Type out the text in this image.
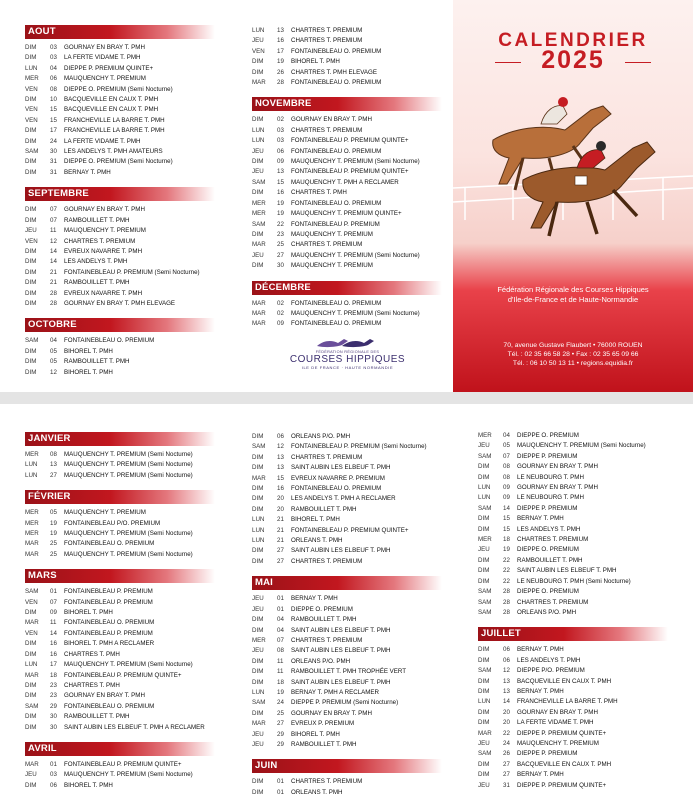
AOUT
DIM	03	GOURNAY EN BRAY T. PMH
DIM	03	LA FERTE VIDAME T. PMH
LUN	04	DIEPPE P. PREMIUM QUINTE+
MER	06	MAUQUENCHY T. PREMIUM
VEN	08	DIEPPE O. PREMIUM (Semi Nocturne)
DIM	10	BACQUEVILLE EN CAUX T. PMH
VEN	15	BACQUEVILLE EN CAUX T. PMH
VEN	15	FRANCHEVILLE LA BARRE T. PMH
DIM	17	FRANCHEVILLE LA BARRE T. PMH
DIM	24	LA FERTE VIDAME T. PMH
SAM	30	LES ANDELYS T. PMH AMATEURS
DIM	31	DIEPPE O. PREMIUM (Semi Nocturne)
DIM	31	BERNAY T. PMH
SEPTEMBRE
DIM	07	GOURNAY EN BRAY T. PMH
DIM	07	RAMBOUILLET T. PMH
JEU	11	MAUQUENCHY T. PREMIUM
VEN	12	CHARTRES T. PREMIUM
DIM	14	EVREUX NAVARRE T. PMH
DIM	14	LES ANDELYS T. PMH
DIM	21	FONTAINEBLEAU P. PREMIUM (Semi Nocturne)
DIM	21	RAMBOUILLET T. PMH
DIM	28	EVREUX NAVARRE T. PMH
DIM	28	GOURNAY EN BRAY T. PMH ELEVAGE
OCTOBRE
SAM	04	FONTAINEBLEAU O. PREMIUM
DIM	05	BIHOREL T. PMH
DIM	05	RAMBOUILLET T. PMH
DIM	12	BIHOREL T. PMH
LUN	13	CHARTRES T. PREMIUM
JEU	16	CHARTRES T. PREMIUM
VEN	17	FONTAINEBLEAU O. PREMIUM
DIM	19	BIHOREL T. PMH
DIM	26	CHARTRES T. PMH ELEVAGE
MAR	28	FONTAINEBLEAU O. PREMIUM
NOVEMBRE
DIM	02	GOURNAY EN BRAY T. PMH
LUN	03	CHARTRES T. PREMIUM
LUN	03	FONTAINEBLEAU P. PREMIUM QUINTE+
JEU	06	FONTAINEBLEAU O. PREMIUM
DIM	09	MAUQUENCHY T. PREMIUM (Semi Nocturne)
JEU	13	FONTAINEBLEAU P. PREMIUM QUINTE+
SAM	15	MAUQUENCHY T. PMH A RECLAMER
DIM	16	CHARTRES T. PMH
MER	19	FONTAINEBLEAU O. PREMIUM
MER	19	MAUQUENCHY T. PREMIUM QUINTE+
SAM	22	FONTAINEBLEAU P. PREMIUM
DIM	23	MAUQUENCHY T. PREMIUM
MAR	25	CHARTRES T. PREMIUM
JEU	27	MAUQUENCHY T. PREMIUM (Semi Nocturne)
DIM	30	MAUQUENCHY T. PREMIUM
DÉCEMBRE
MAR	02	FONTAINEBLEAU O. PREMIUM
MAR	02	MAUQUENCHY T. PREMIUM (Semi Nocturne)
MAR	09	FONTAINEBLEAU O. PREMIUM
FÉDÉRATION RÉGIONALE DES
COURSES HIPPIQUES
ILE DE FRANCE · HAUTE NORMANDIE
CALENDRIER
2025
Fédération Régionale des Courses Hippiques
d'Ile-de-France et de Haute-Normandie
70, avenue Gustave Flaubert • 76000 ROUEN
Tél. : 02 35 66 58 28 • Fax : 02 35 65 09 66
Tél. : 06 10 50 13 11 • regions.equidia.fr
JANVIER
MER	08	MAUQUENCHY T. PREMIUM (Semi Nocturne)
LUN	13	MAUQUENCHY T. PREMIUM (Semi Nocturne)
LUN	27	MAUQUENCHY T. PREMIUM (Semi Nocturne)
FÉVRIER
MER	05	MAUQUENCHY T. PREMIUM
MER	19	FONTAINEBLEAU P/O. PREMIUM
MER	19	MAUQUENCHY T. PREMIUM (Semi Nocturne)
MAR	25	FONTAINEBLEAU O. PREMIUM
MAR	25	MAUQUENCHY T. PREMIUM (Semi Nocturne)
MARS
SAM	01	FONTAINEBLEAU P. PREMIUM
VEN	07	FONTAINEBLEAU P. PREMIUM
DIM	09	BIHOREL T. PMH
MAR	11	FONTAINEBLEAU O. PREMIUM
VEN	14	FONTAINEBLEAU P. PREMIUM
DIM	16	BIHOREL T. PMH A RECLAMER
DIM	16	CHARTRES T. PMH
LUN	17	MAUQUENCHY T. PREMIUM (Semi Nocturne)
MAR	18	FONTAINEBLEAU P. PREMIUM QUINTE+
DIM	23	CHARTRES T. PMH
DIM	23	GOURNAY EN BRAY T. PMH
SAM	29	FONTAINEBLEAU O. PREMIUM
DIM	30	RAMBOUILLET T. PMH
DIM	30	SAINT AUBIN LES ELBEUF T. PMH A RECLAMER
AVRIL
MAR	01	FONTAINEBLEAU P. PREMIUM QUINTE+
JEU	03	MAUQUENCHY T. PREMIUM (Semi Nocturne)
DIM	06	BIHOREL T. PMH
DIM	06	ORLEANS P/O. PMH
SAM	12	FONTAINEBLEAU P. PREMIUM (Semi Nocturne)
DIM	13	CHARTRES T. PREMIUM
DIM	13	SAINT AUBIN LES ELBEUF T. PMH
MAR	15	EVREUX NAVARRE P. PREMIUM
DIM	16	FONTAINEBLEAU O. PREMIUM
DIM	20	LES ANDELYS T. PMH A RECLAMER
DIM	20	RAMBOUILLET T. PMH
LUN	21	BIHOREL T. PMH
LUN	21	FONTAINEBLEAU P. PREMIUM QUINTE+
LUN	21	ORLEANS T. PMH
DIM	27	SAINT AUBIN LES ELBEUF T. PMH
DIM	27	CHARTRES T. PREMIUM
MAI
JEU	01	BERNAY T. PMH
JEU	01	DIEPPE O. PREMIUM
DIM	04	RAMBOUILLET T. PMH
DIM	04	SAINT AUBIN LES ELBEUF T. PMH
MER	07	CHARTRES T. PREMIUM
JEU	08	SAINT AUBIN LES ELBEUF T. PMH
DIM	11	ORLEANS P/O. PMH
DIM	11	RAMBOUILLET T. PMH TROPHÉE VERT
DIM	18	SAINT AUBIN LES ELBEUF T. PMH
LUN	19	BERNAY T. PMH A RECLAMER
SAM	24	DIEPPE P. PREMIUM (Semi Nocturne)
DIM	25	GOURNAY EN BRAY T. PMH
MAR	27	EVREUX P. PREMIUM
JEU	29	BIHOREL T. PMH
JEU	29	RAMBOUILLET T. PMH
JUIN
DIM	01	CHARTRES T. PREMIUM
DIM	01	ORLEANS T. PMH
MER	04	DIEPPE O. PREMIUM
JEU	05	MAUQUENCHY T. PREMIUM (Semi Nocturne)
SAM	07	DIEPPE P. PREMIUM
DIM	08	GOURNAY EN BRAY T. PMH
DIM	08	LE NEUBOURG T. PMH
LUN	09	GOURNAY EN BRAY T. PMH
LUN	09	LE NEUBOURG T. PMH
SAM	14	DIEPPE P. PREMIUM
DIM	15	BERNAY T. PMH
DIM	15	LES ANDELYS T. PMH
MER	18	CHARTRES T. PREMIUM
JEU	19	DIEPPE O. PREMIUM
DIM	22	RAMBOUILLET T. PMH
DIM	22	SAINT AUBIN LES ELBEUF T. PMH
DIM	22	LE NEUBOURG T. PMH (Semi Nocturne)
SAM	28	DIEPPE O. PREMIUM
SAM	28	CHARTRES T. PREMIUM
SAM	28	ORLEANS P/O. PMH
JUILLET
DIM	06	BERNAY T. PMH
DIM	06	LES ANDELYS T. PMH
SAM	12	DIEPPE P/O. PREMIUM
DIM	13	BACQUEVILLE EN CAUX T. PMH
DIM	13	BERNAY T. PMH
LUN	14	FRANCHEVILLE LA BARRE T. PMH
DIM	20	GOURNAY EN BRAY T. PMH
DIM	20	LA FERTE VIDAME T. PMH
MAR	22	DIEPPE P. PREMIUM QUINTE+
JEU	24	MAUQUENCHY T. PREMIUM
SAM	26	DIEPPE P. PREMIUM
DIM	27	BACQUEVILLE EN CAUX T. PMH
DIM	27	BERNAY T. PMH
JEU	31	DIEPPE P. PREMIUM QUINTE+
